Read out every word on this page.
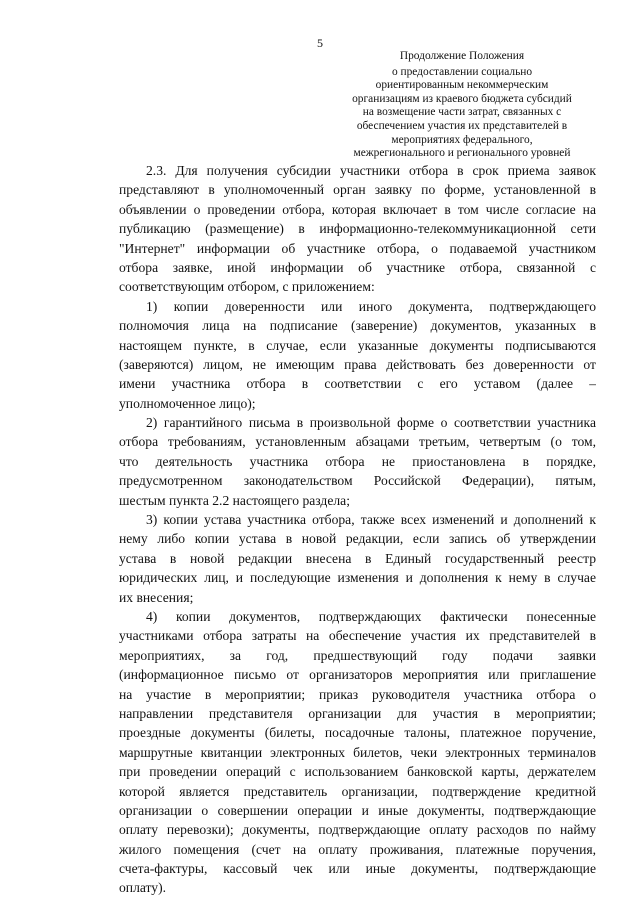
5
Продолжение Положения
о предоставлении социально
ориентированным некоммерческим
организациям из краевого бюджета субсидий
на возмещение части затрат, связанных с
обеспечением участия их представителей в
мероприятиях федерального,
межрегионального и регионального уровней
2.3. Для получения субсидии участники отбора в срок приема заявок
представляют в уполномоченный орган заявку по форме, установленной в
объявлении о проведении отбора, которая включает в том числе согласие на
публикацию (размещение) в информационно-телекоммуникационной сети
"Интернет" информации об участнике отбора, о подаваемой участником
отбора заявке, иной информации об участнике отбора, связанной с
соответствующим отбором, с приложением:
1) копии доверенности или иного документа, подтверждающего
полномочия лица на подписание (заверение) документов, указанных в
настоящем пункте, в случае, если указанные документы подписываются
(заверяются) лицом, не имеющим права действовать без доверенности от
имени участника отбора в соответствии с его уставом (далее –
уполномоченное лицо);
2) гарантийного письма в произвольной форме о соответствии участника
отбора требованиям, установленным абзацами третьим, четвертым (о том,
что деятельность участника отбора не приостановлена в порядке,
предусмотренном законодательством Российской Федерации), пятым,
шестым пункта 2.2 настоящего раздела;
3) копии устава участника отбора, также всех изменений и дополнений к
нему либо копии устава в новой редакции, если запись об утверждении
устава в новой редакции внесена в Единый государственный реестр
юридических лиц, и последующие изменения и дополнения к нему в случае
их внесения;
4) копии документов, подтверждающих фактически понесенные
участниками отбора затраты на обеспечение участия их представителей в
мероприятиях, за год, предшествующий году подачи заявки
(информационное письмо от организаторов мероприятия или приглашение
на участие в мероприятии; приказ руководителя участника отбора о
направлении представителя организации для участия в мероприятии;
проездные документы (билеты, посадочные талоны, платежное поручение,
маршрутные квитанции электронных билетов, чеки электронных терминалов
при проведении операций с использованием банковской карты, держателем
которой является представитель организации, подтверждение кредитной
организации о совершении операции и иные документы, подтверждающие
оплату перевозки); документы, подтверждающие оплату расходов по найму
жилого помещения (счет на оплату проживания, платежные поручения,
счета-фактуры, кассовый чек или иные документы, подтверждающие
оплату).
